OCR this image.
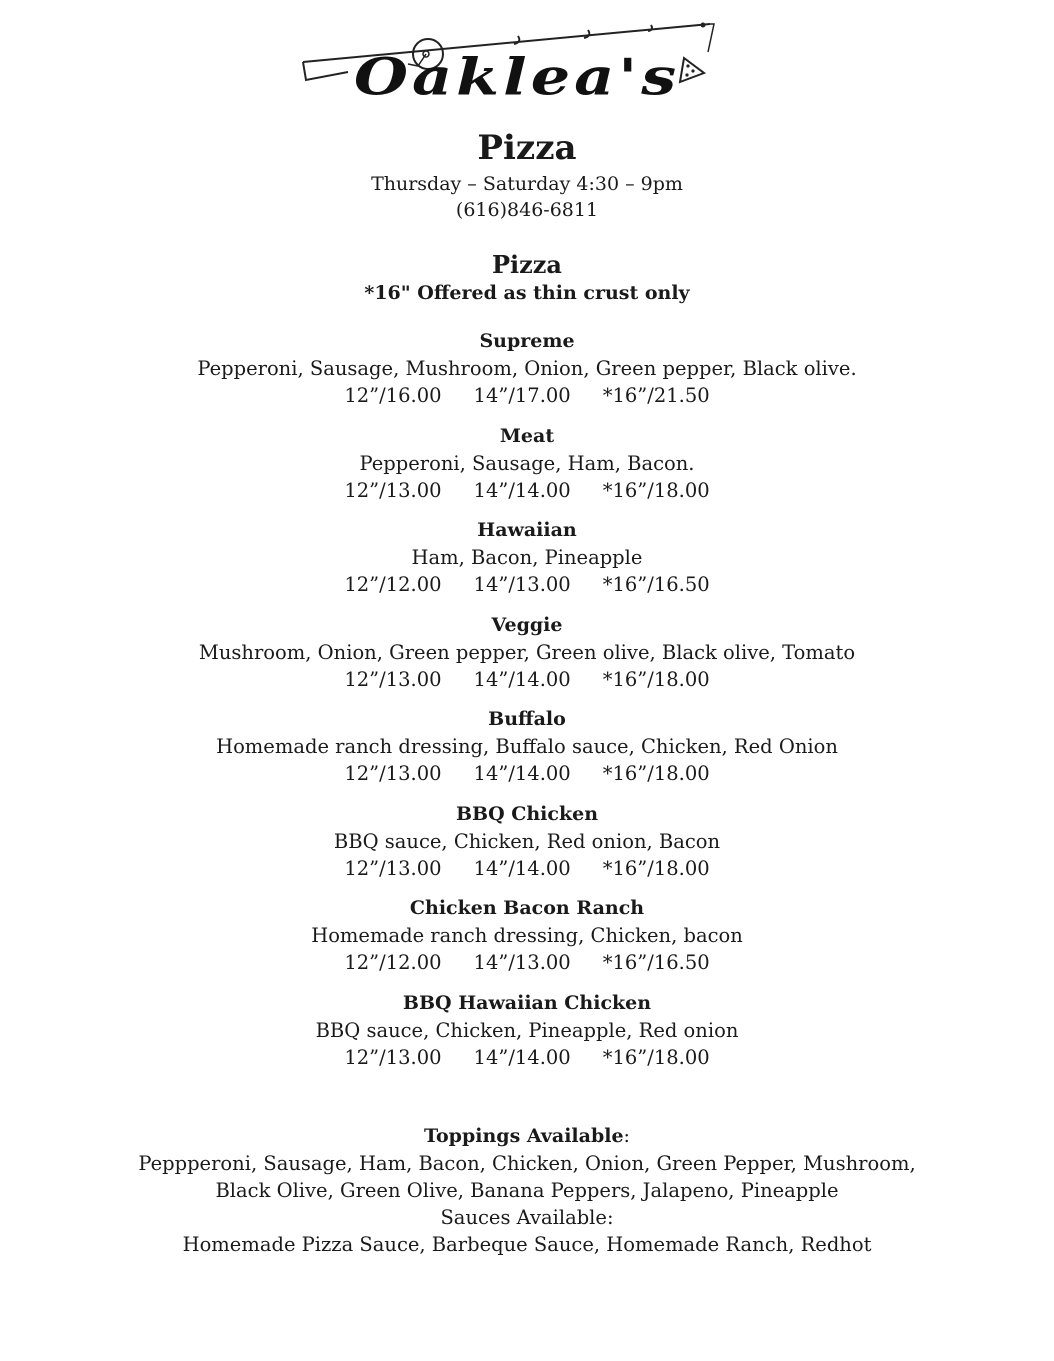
Oaklea's
Pizza
Thursday – Saturday 4:30 – 9pm
(616)846-6811
Pizza
*16" Offered as thin crust only
Supreme
Pepperoni, Sausage, Mushroom, Onion, Green pepper, Black olive.
12”/16.00 14”/17.00 *16”/21.50
Meat
Pepperoni, Sausage, Ham, Bacon.
12”/13.00 14”/14.00 *16”/18.00
Hawaiian
Ham, Bacon, Pineapple
12”/12.00 14”/13.00 *16”/16.50
Veggie
Mushroom, Onion, Green pepper, Green olive, Black olive, Tomato
12”/13.00 14”/14.00 *16”/18.00
Buffalo
Homemade ranch dressing, Buffalo sauce, Chicken, Red Onion
12”/13.00 14”/14.00 *16”/18.00
BBQ Chicken
BBQ sauce, Chicken, Red onion, Bacon
12”/13.00 14”/14.00 *16”/18.00
Chicken Bacon Ranch
Homemade ranch dressing, Chicken, bacon
12”/12.00 14”/13.00 *16”/16.50
BBQ Hawaiian Chicken
BBQ sauce, Chicken, Pineapple, Red onion
12”/13.00 14”/14.00 *16”/18.00
Toppings Available:
Peppperoni, Sausage, Ham, Bacon, Chicken, Onion, Green Pepper, Mushroom,
Black Olive, Green Olive, Banana Peppers, Jalapeno, Pineapple
Sauces Available:
Homemade Pizza Sauce, Barbeque Sauce, Homemade Ranch, Redhot
